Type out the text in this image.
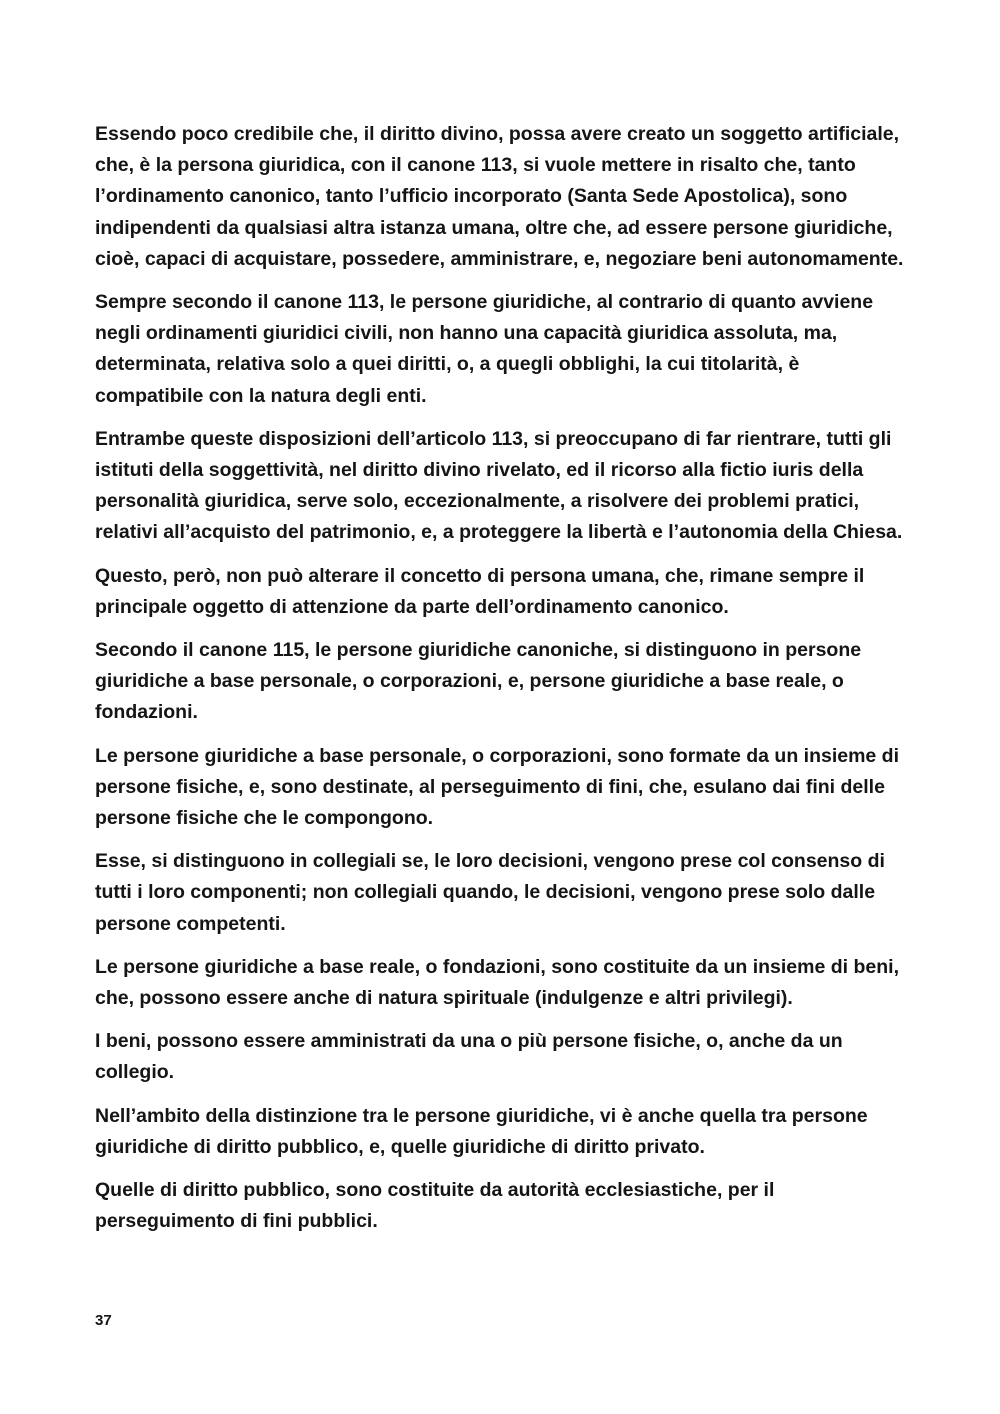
Essendo poco credibile che, il diritto divino, possa avere creato un soggetto artificiale, che, è la persona giuridica, con il canone 113, si vuole mettere in risalto che, tanto l’ordinamento canonico, tanto l’ufficio incorporato (Santa Sede Apostolica), sono indipendenti da qualsiasi altra istanza umana, oltre che, ad essere persone giuridiche, cioè, capaci di acquistare, possedere, amministrare, e, negoziare beni autonomamente.

Sempre secondo il canone 113, le persone giuridiche, al contrario di quanto avviene negli ordinamenti giuridici civili, non hanno una capacità giuridica assoluta, ma, determinata, relativa solo a quei diritti, o, a quegli obblighi, la cui titolarità, è compatibile con la natura degli enti.

Entrambe queste disposizioni dell’articolo 113, si preoccupano di far rientrare, tutti gli istituti della soggettività, nel diritto divino rivelato, ed il ricorso alla fictio iuris della personalità giuridica, serve solo, eccezionalmente, a risolvere dei problemi pratici, relativi all’acquisto del patrimonio, e, a proteggere la libertà e l’autonomia della Chiesa.

Questo, però, non può alterare il concetto di persona umana, che, rimane sempre il principale oggetto di attenzione da parte dell’ordinamento canonico.

Secondo il canone 115, le persone giuridiche canoniche, si distinguono in persone giuridiche a base personale, o corporazioni, e, persone giuridiche a base reale, o fondazioni.

Le persone giuridiche a base personale, o corporazioni, sono formate da un insieme di persone fisiche, e, sono destinate, al perseguimento di fini, che, esulano dai fini delle persone fisiche che le compongono.

Esse, si distinguono in collegiali se, le loro decisioni, vengono prese col consenso di tutti i loro componenti; non collegiali quando, le decisioni, vengono prese solo dalle persone competenti.

Le persone giuridiche a base reale, o fondazioni, sono costituite da un insieme di beni, che, possono essere anche di natura spirituale (indulgenze e altri privilegi).

I beni, possono essere amministrati da una o più persone fisiche, o, anche da un collegio.

Nell’ambito della distinzione tra le persone giuridiche, vi è anche quella tra persone giuridiche di diritto pubblico, e, quelle giuridiche di diritto privato.

Quelle di diritto pubblico, sono costituite da autorità ecclesiastiche, per il perseguimento di fini pubblici.

37
